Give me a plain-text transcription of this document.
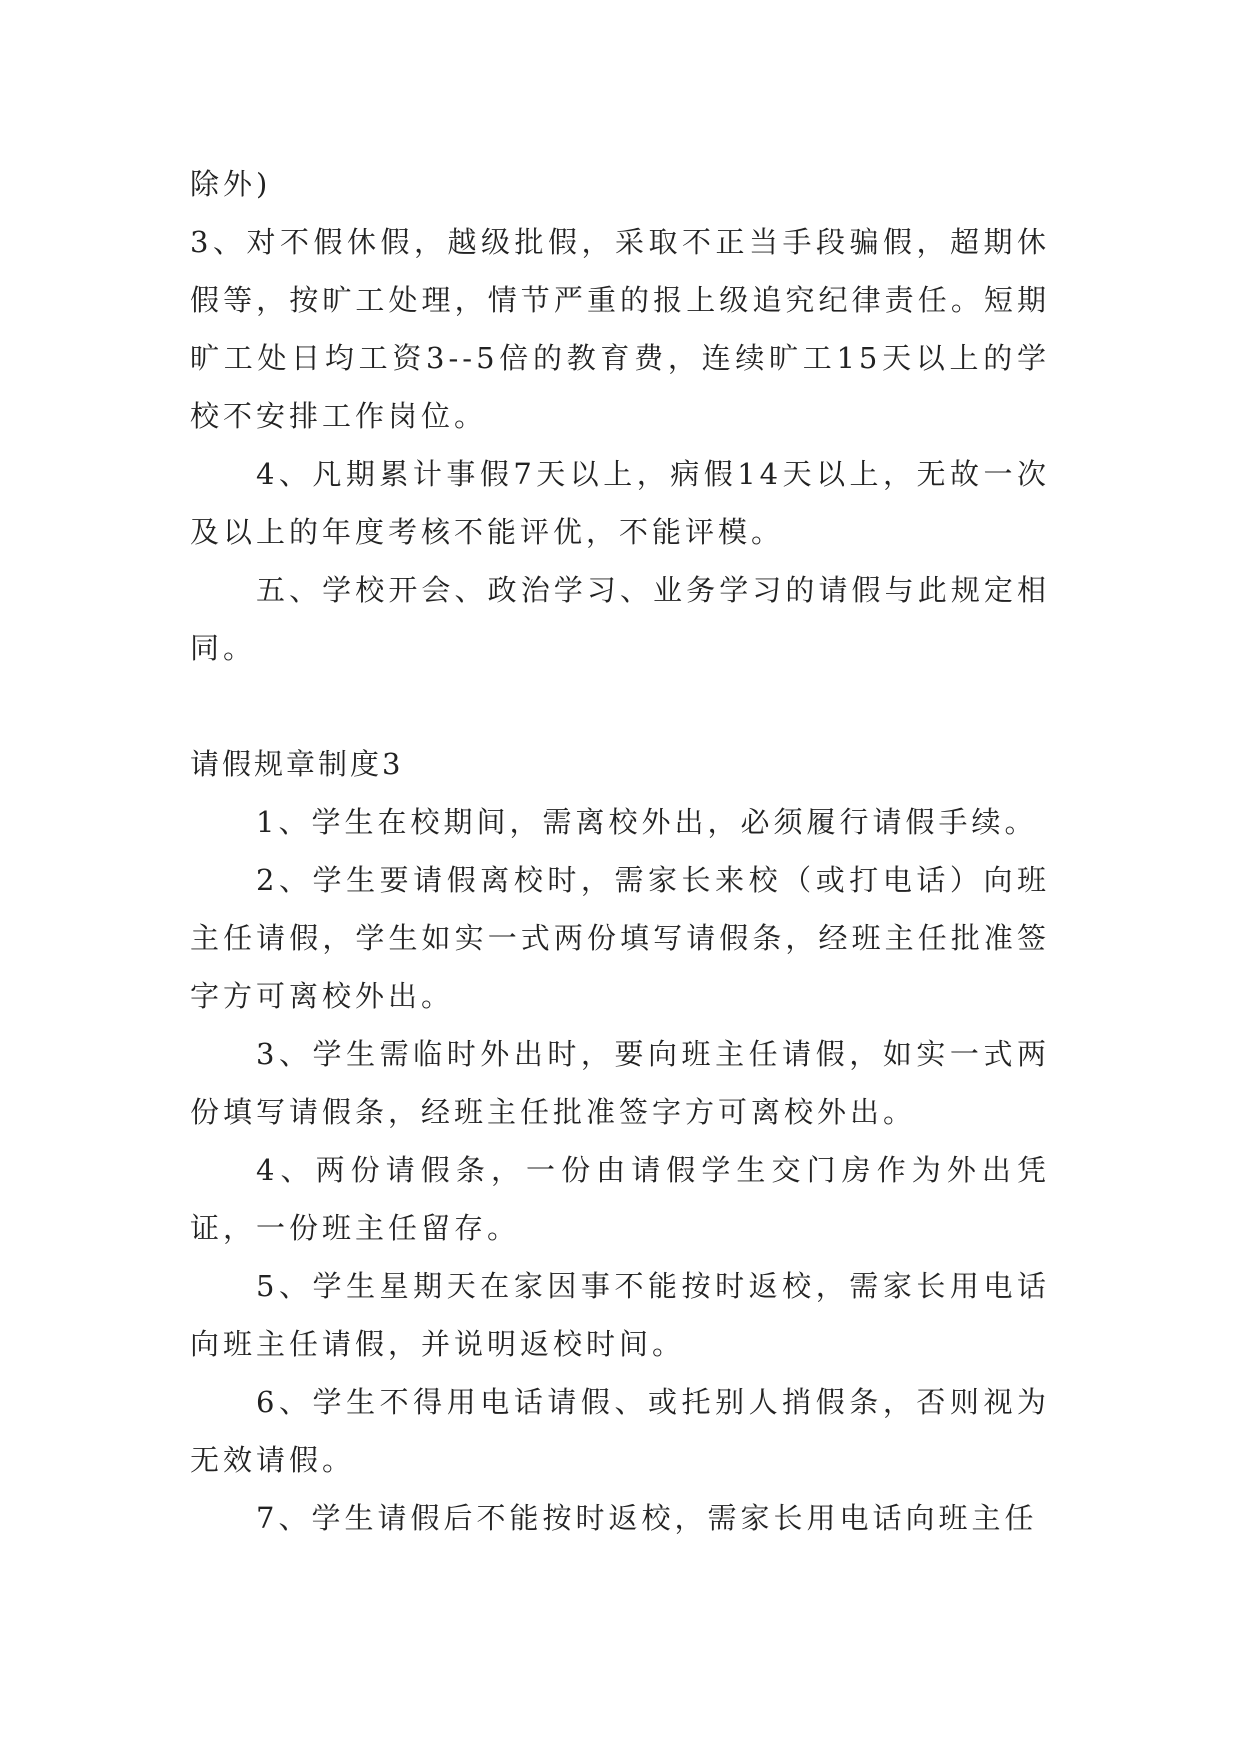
除外)

3、对不假休假，越级批假，采取不正当手段骗假，超期休假等，按旷工处理，情节严重的报上级追究纪律责任。短期旷工处日均工资3--5倍的教育费，连续旷工15天以上的学校不安排工作岗位。

4、凡期累计事假7天以上，病假14天以上，无故一次及以上的年度考核不能评优，不能评模。

五、学校开会、政治学习、业务学习的请假与此规定相同。

请假规章制度3

1、学生在校期间，需离校外出，必须履行请假手续。

2、学生要请假离校时，需家长来校（或打电话）向班主任请假，学生如实一式两份填写请假条，经班主任批准签字方可离校外出。

3、学生需临时外出时，要向班主任请假，如实一式两份填写请假条，经班主任批准签字方可离校外出。

4、两份请假条，一份由请假学生交门房作为外出凭证，一份班主任留存。

5、学生星期天在家因事不能按时返校，需家长用电话向班主任请假，并说明返校时间。

6、学生不得用电话请假、或托别人捎假条，否则视为无效请假。

7、学生请假后不能按时返校，需家长用电话向班主任
